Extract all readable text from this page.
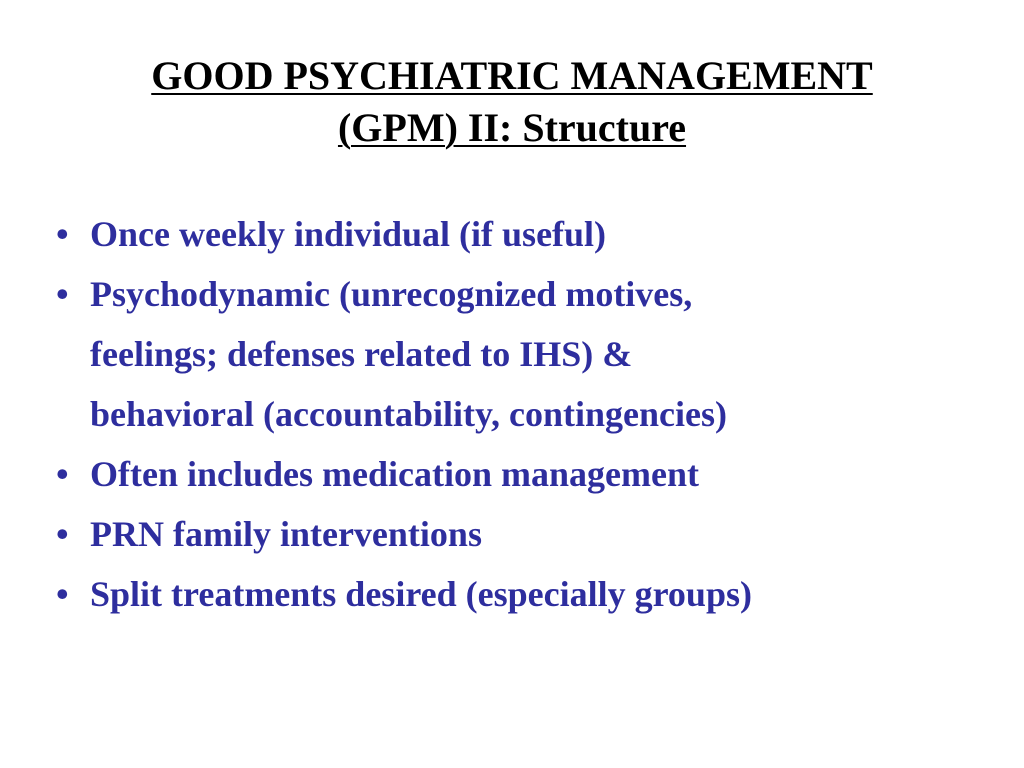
GOOD PSYCHIATRIC MANAGEMENT
(GPM) II: Structure
• Once weekly individual (if useful)
• Psychodynamic (unrecognized motives,
feelings; defenses related to IHS) &
behavioral (accountability, contingencies)
• Often includes medication management
• PRN family interventions
• Split treatments desired (especially groups)
